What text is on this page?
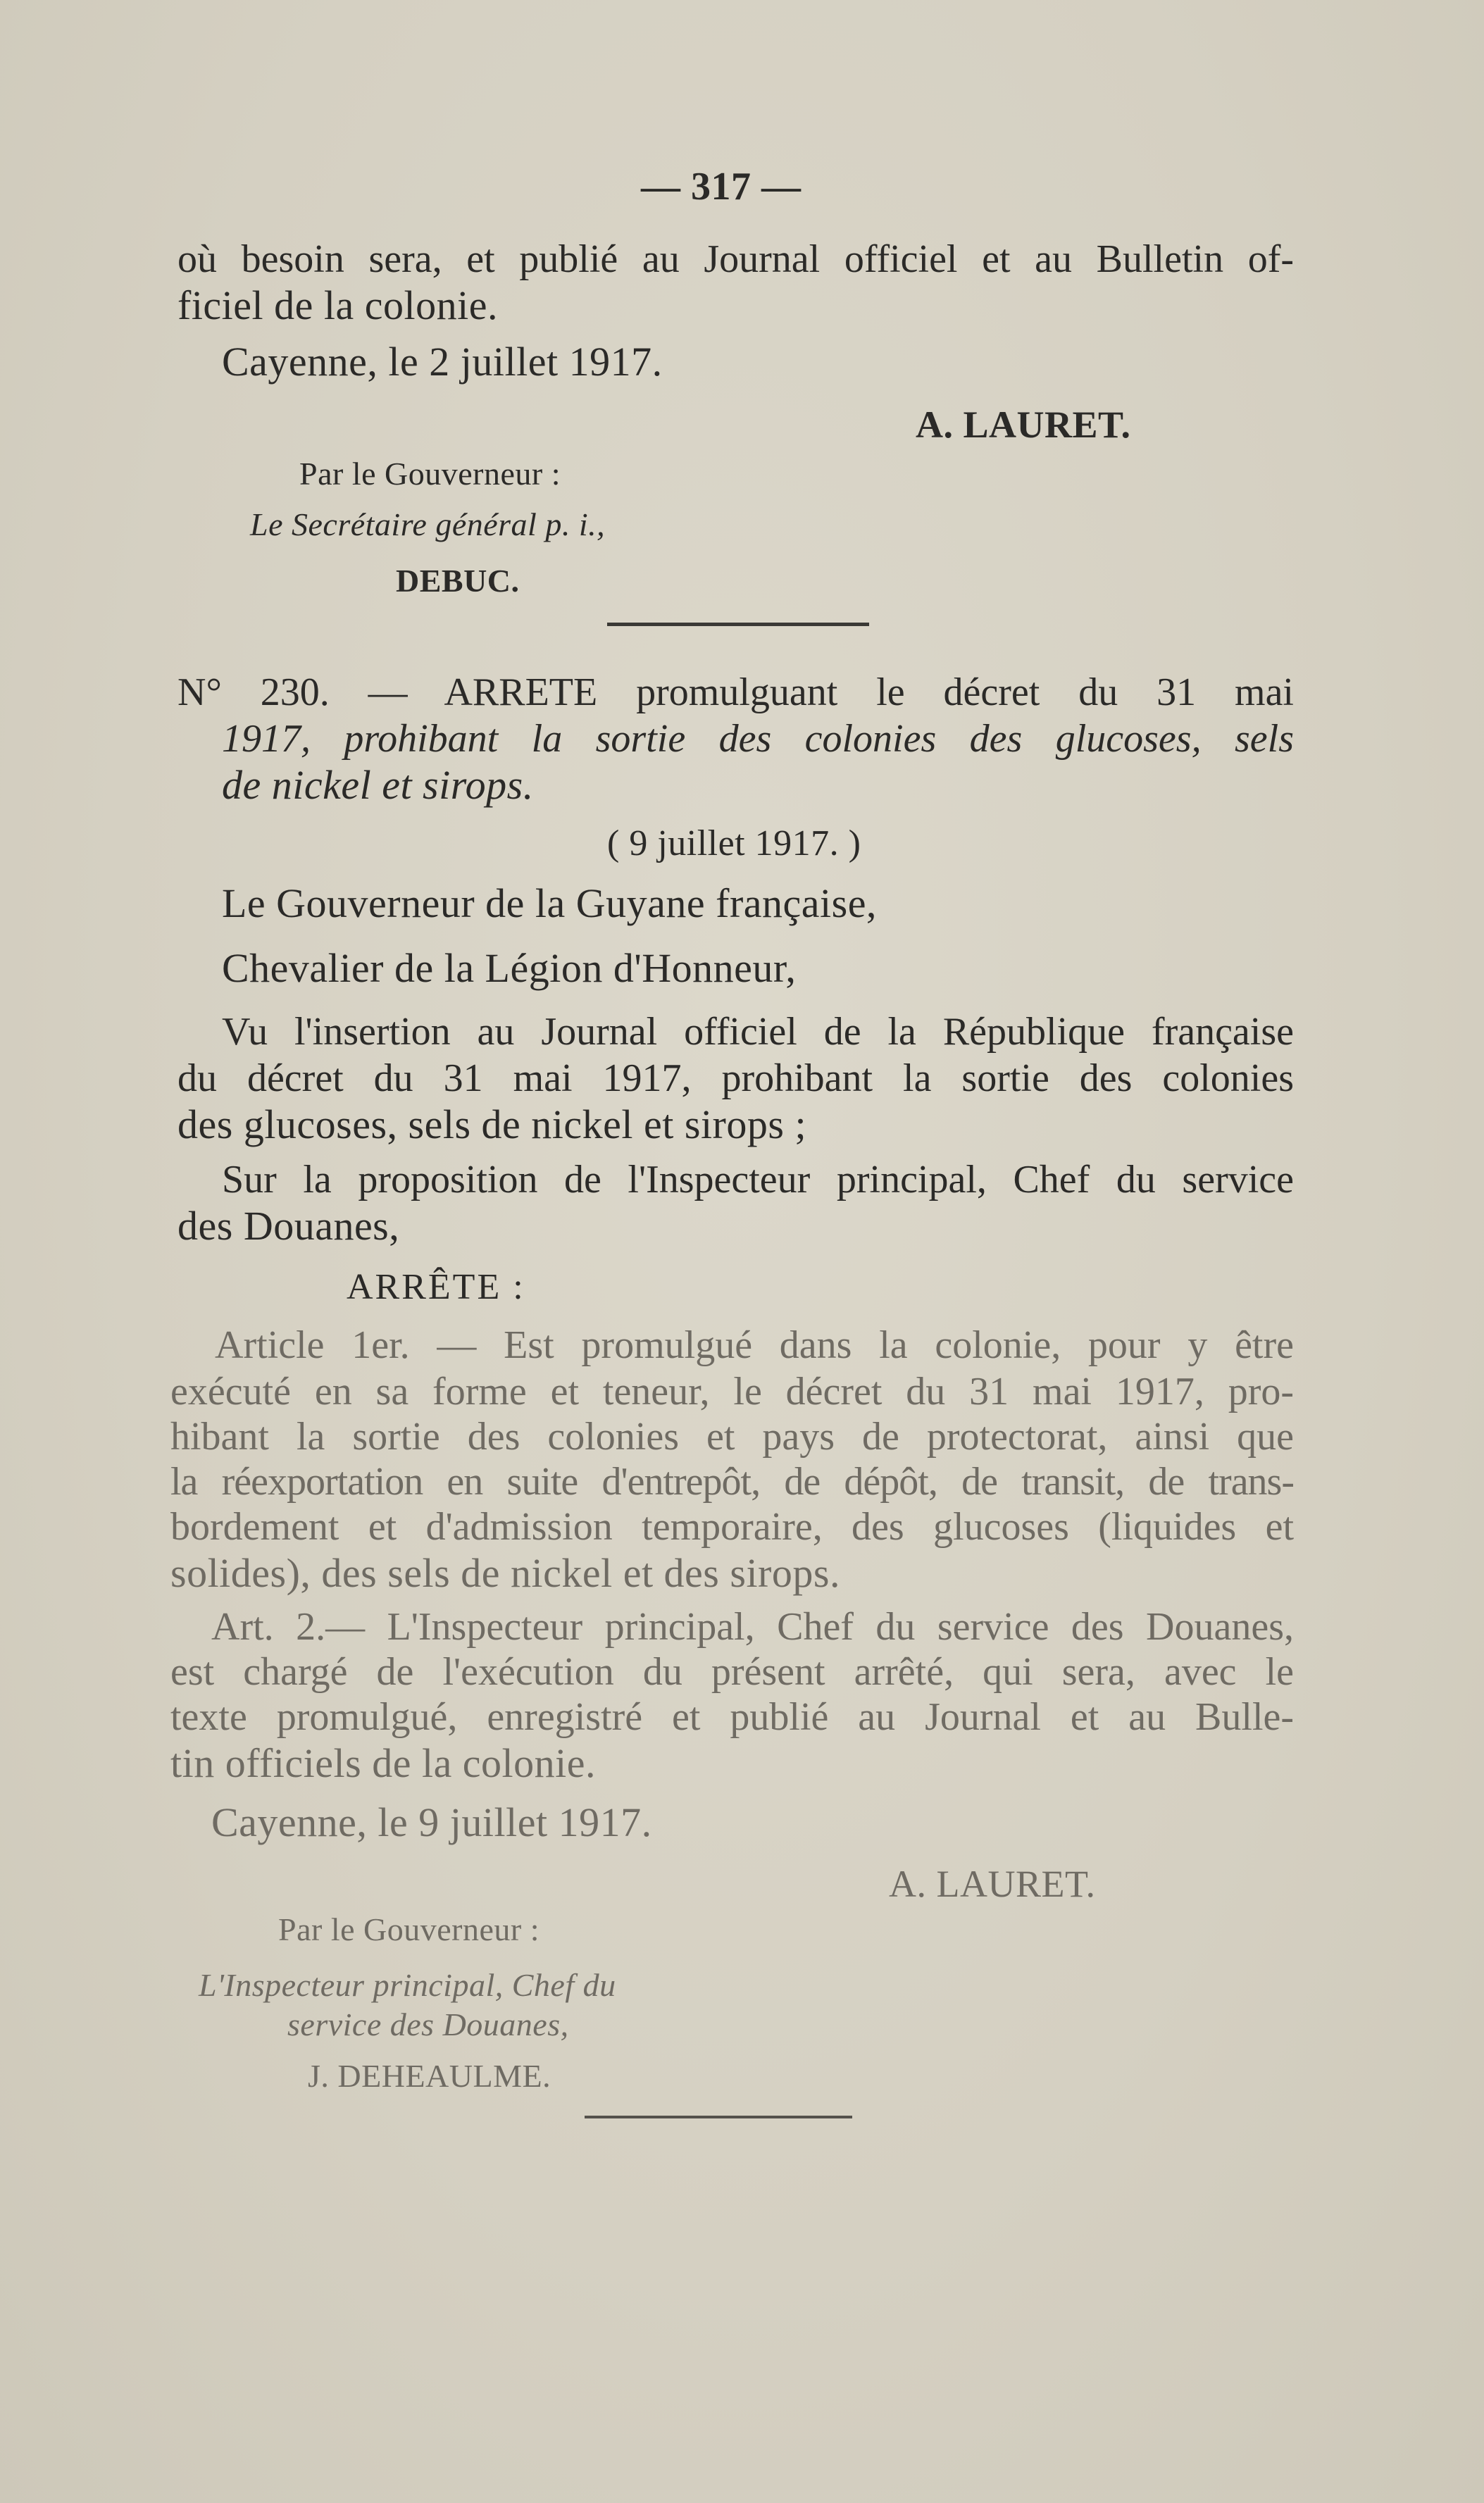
— 317 —
où besoin sera, et publié au Journal officiel et au Bulletin of-
ficiel de la colonie.
Cayenne, le 2 juillet 1917.
A. LAURET.
Par le Gouverneur :
Le Secrétaire général p. i.,
DEBUC.
N° 230. — ARRETE promulguant le décret du 31 mai
1917, prohibant la sortie des colonies des glucoses, sels
de nickel et sirops.
( 9 juillet 1917. )
Le Gouverneur de la Guyane française,
Chevalier de la Légion d'Honneur,
Vu l'insertion au Journal officiel de la République française
du décret du 31 mai 1917, prohibant la sortie des colonies
des glucoses, sels de nickel et sirops ;
Sur la proposition de l'Inspecteur principal, Chef du service
des Douanes,
ARRÊTE :
Article 1er. — Est promulgué dans la colonie, pour y être
exécuté en sa forme et teneur, le décret du 31 mai 1917, pro-
hibant la sortie des colonies et pays de protectorat, ainsi que
la réexportation en suite d'entrepôt, de dépôt, de transit, de trans-
bordement et d'admission temporaire, des glucoses (liquides et
solides), des sels de nickel et des sirops.
Art. 2.— L'Inspecteur principal, Chef du service des Douanes,
est chargé de l'exécution du présent arrêté, qui sera, avec le
texte promulgué, enregistré et publié au Journal et au Bulle-
tin officiels de la colonie.
Cayenne, le 9 juillet 1917.
A. LAURET.
Par le Gouverneur :
L'Inspecteur principal, Chef du
service des Douanes,
J. DEHEAULME.
